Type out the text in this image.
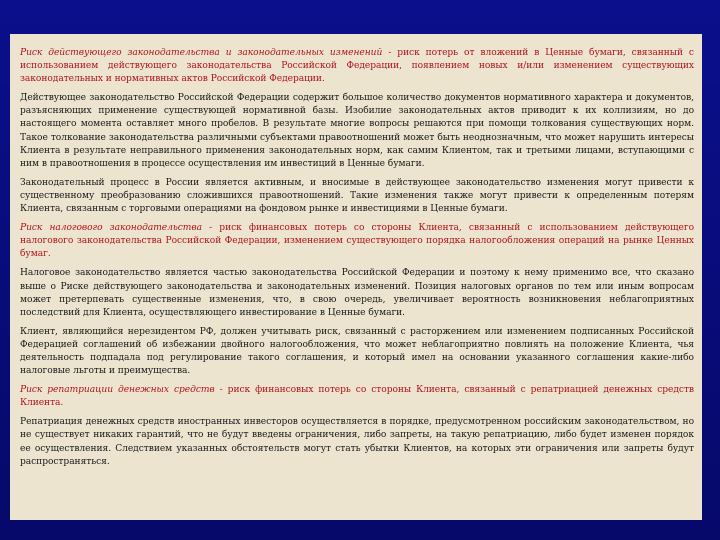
Риск действующего законодательства и законодательных изменений - риск потерь от вложений в Ценные бумаги, связанный с использованием действующего законодательства Российской Федерации, появлением новых и/или изменением существующих законодательных и нормативных актов Российской Федерации.

Действующее законодательство Российской Федерации содержит большое количество документов нормативного характера и документов, разъясняющих применение существующей нормативной базы. Изобилие законодательных актов приводит к их коллизиям, но до настоящего момента оставляет много пробелов. В результате многие вопросы решаются при помощи толкования существующих норм. Такое толкование законодательства различными субъектами правоотношений может быть неоднозначным, что может нарушить интересы Клиента в результате неправильного применения законодательных норм, как самим Клиентом, так и третьими лицами, вступающими с ним в правоотношения в процессе осуществления им инвестиций в Ценные бумаги.

Законодательный процесс в России является активным, и вносимые в действующее законодательство изменения могут привести к существенному преобразованию сложившихся правоотношений. Такие изменения также могут привести к определенным потерям Клиента, связанным с торговыми операциями на фондовом рынке и инвестициями в Ценные бумаги.

Риск налогового законодательства - риск финансовых потерь со стороны Клиента, связанный с использованием действующего налогового законодательства Российской Федерации, изменением существующего порядка налогообложения операций на рынке Ценных бумаг.

Налоговое законодательство является частью законодательства Российской Федерации и поэтому к нему применимо все, что сказано выше о Риске действующего законодательства и законодательных изменений. Позиция налоговых органов по тем или иным вопросам может претерпевать существенные изменения, что, в свою очередь, увеличивает вероятность возникновения неблагоприятных последствий для Клиента, осуществляющего инвестирование в Ценные бумаги.

Клиент, являющийся нерезидентом РФ, должен учитывать риск, связанный с расторжением или изменением подписанных Российской Федерацией соглашений об избежании двойного налогообложения, что может неблагоприятно повлиять на положение Клиента, чья деятельность подпадала под регулирование такого соглашения, и который имел на основании указанного соглашения какие-либо налоговые льготы и преимущества.

Риск репатриации денежных средств - риск финансовых потерь со стороны Клиента, связанный с репатриацией денежных средств Клиента.

Репатриация денежных средств иностранных инвесторов осуществляется в порядке, предусмотренном российским законодательством, но не существует никаких гарантий, что не будут введены ограничения, либо запреты, на такую репатриацию, либо будет изменен порядок ее осуществления. Следствием указанных обстоятельств могут стать убытки Клиентов, на которых эти ограничения или запреты будут распространяться.
